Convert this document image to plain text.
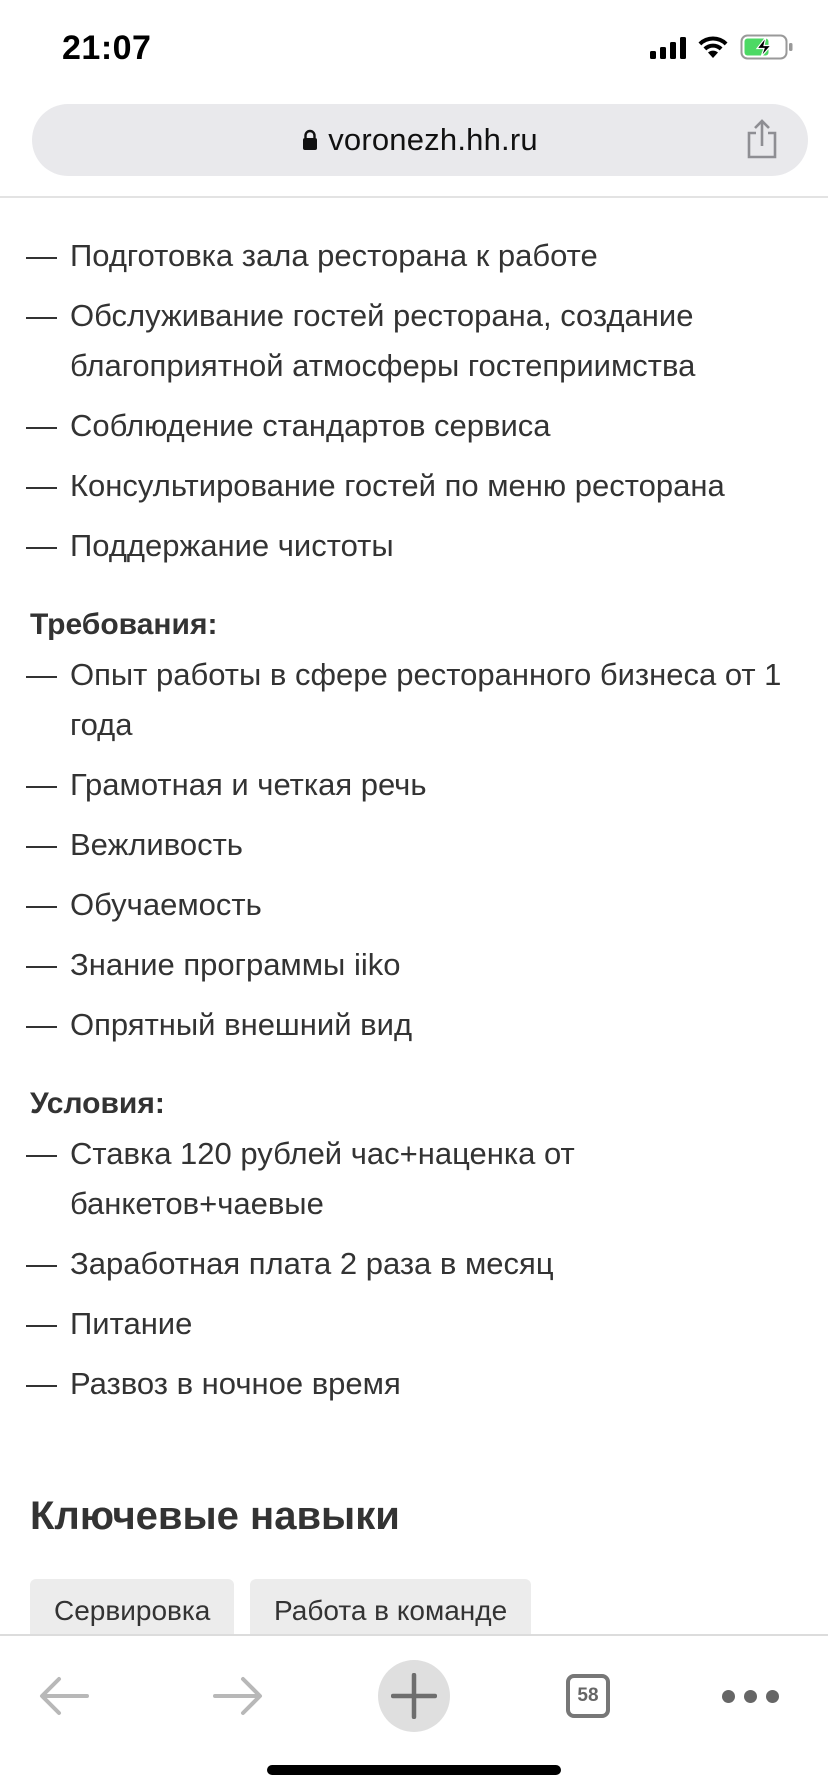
21:07
voronezh.hh.ru
— Подготовка зала ресторана к работе
— Обслуживание гостей ресторана, создание благоприятной атмосферы гостеприимства
— Соблюдение стандартов сервиса
— Консультирование гостей по меню ресторана
— Поддержание чистоты
Требования:
— Опыт работы в сфере ресторанного бизнеса от 1 года
— Грамотная и четкая речь
— Вежливость
— Обучаемость
— Знание программы iiko
— Опрятный внешний вид
Условия:
— Ставка 120 рублей час+наценка от банкетов+чаевые
— Заработная плата 2 раза в месяц
— Питание
— Развоз в ночное время
Ключевые навыки
Сервировка	Работа в команде
58
